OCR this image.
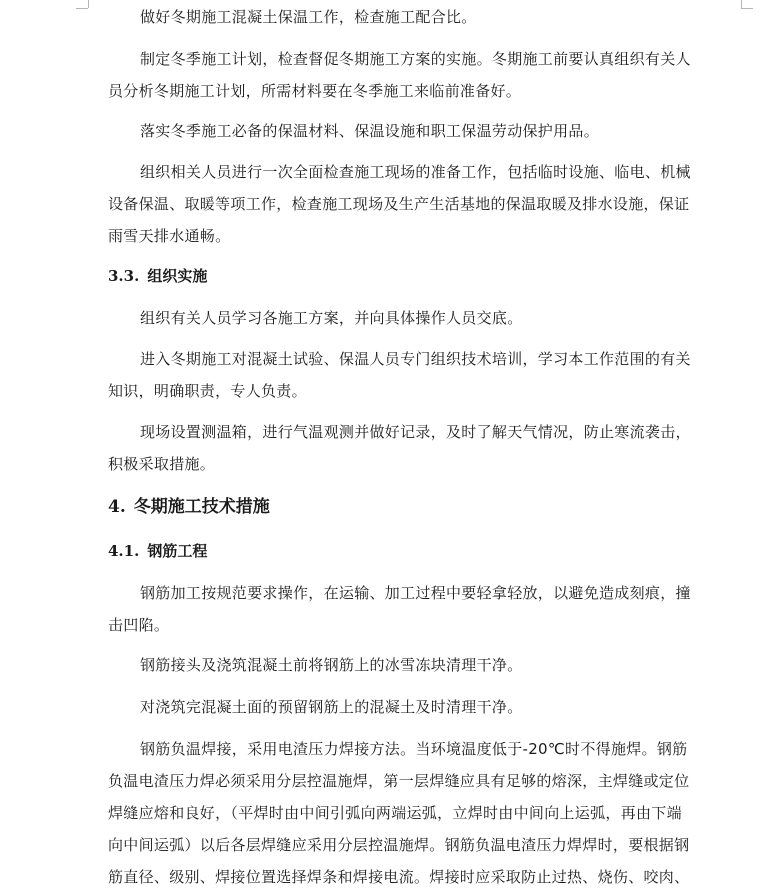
做好冬期施工混凝土保温工作，检查施工配合比。

制定冬季施工计划，检查督促冬期施工方案的实施。冬期施工前要认真组织有关人
员分析冬期施工计划，所需材料要在冬季施工来临前准备好。

落实冬季施工必备的保温材料、保温设施和职工保温劳动保护用品。

组织相关人员进行一次全面检查施工现场的准备工作，包括临时设施、临电、机械
设备保温、取暖等项工作，检查施工现场及生产生活基地的保温取暖及排水设施，保证
雨雪天排水通畅。

3.3. 组织实施

组织有关人员学习各施工方案，并向具体操作人员交底。

进入冬期施工对混凝土试验、保温人员专门组织技术培训，学习本工作范围的有关
知识，明确职责，专人负责。

现场设置测温箱，进行气温观测并做好记录，及时了解天气情况，防止寒流袭击，
积极采取措施。

4. 冬期施工技术措施
4.1. 钢筋工程

钢筋加工按规范要求操作，在运输、加工过程中要轻拿轻放，以避免造成刻痕，撞
击凹陷。

钢筋接头及浇筑混凝土前将钢筋上的冰雪冻块清理干净。

对浇筑完混凝土面的预留钢筋上的混凝土及时清理干净。

钢筋负温焊接，采用电渣压力焊接方法。当环境温度低于-20℃时不得施焊。钢筋
负温电渣压力焊必须采用分层控温施焊，第一层焊缝应具有足够的熔深，主焊缝或定位
焊缝应熔和良好，（平焊时由中间引弧向两端运弧，立焊时由中间向上运弧，再由下端
向中间运弧）以后各层焊缝应采用分层控温施焊。钢筋负温电渣压力焊焊时，要根据钢
筋直径、级别、焊接位置选择焊条和焊接电流。焊接时应采取防止过热、烧伤、咬肉、
